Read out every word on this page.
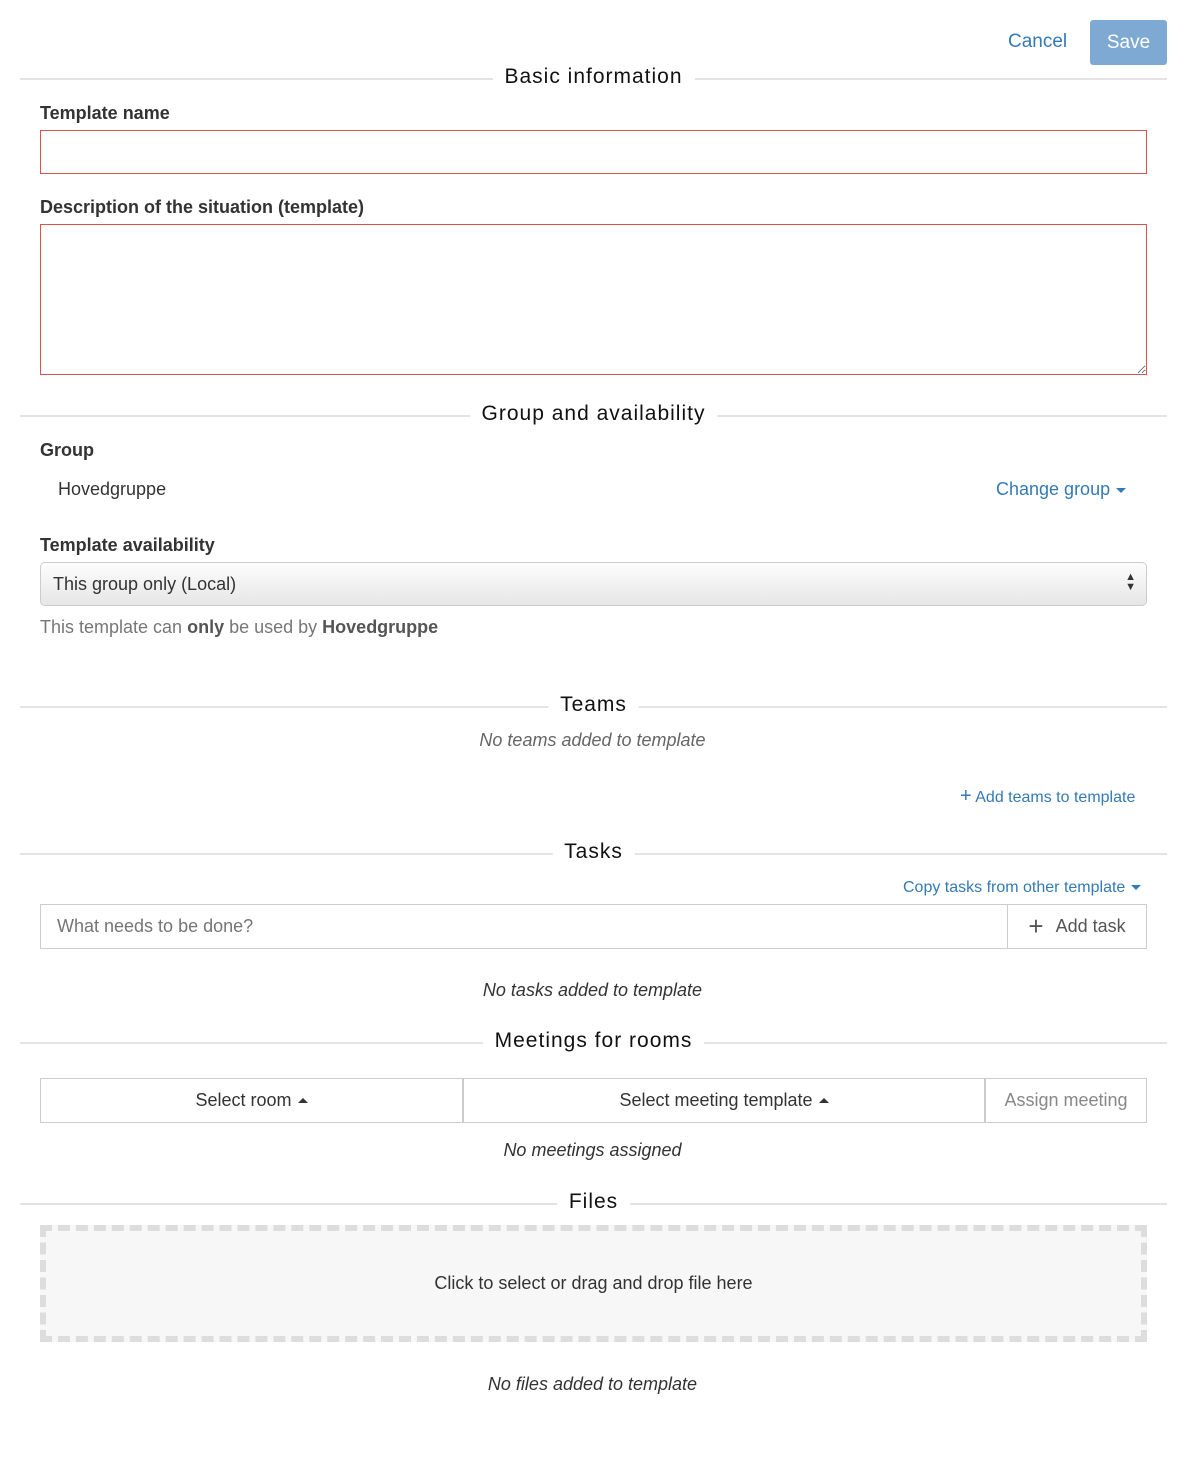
Cancel	Save
Basic information
Template name
Description of the situation (template)
Group and availability
Group
Hovedgruppe	Change group
Template availability
This group only (Local)	▲
▼
This template can only be used by Hovedgruppe
Teams
No teams added to template
+ Add teams to template
Tasks
Copy tasks from other template
What needs to be done?
+ Add task
No tasks added to template
Meetings for rooms
Select room	Select meeting template	Assign meeting
No meetings assigned
Files
Click to select or drag and drop file here
No files added to template
